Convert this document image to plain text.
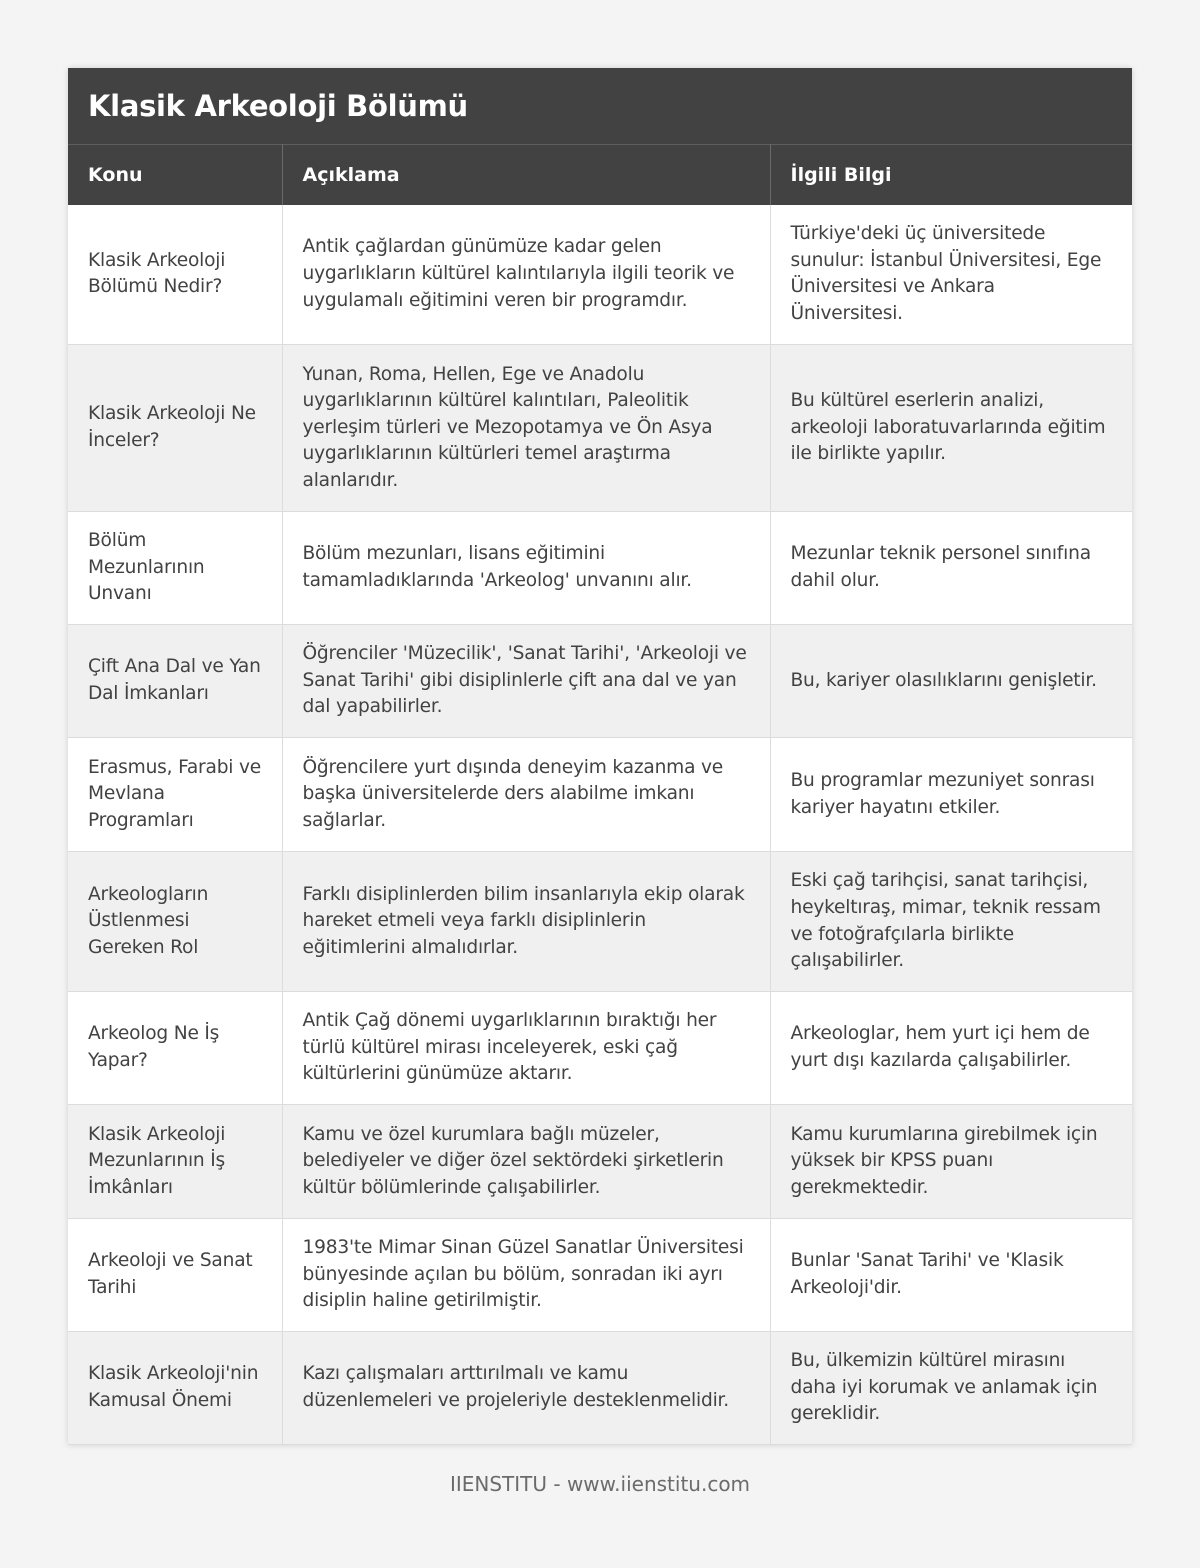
Klasik Arkeoloji Bölümü
Konu	Açıklama	İlgili Bilgi
Klasik Arkeoloji Bölümü Nedir?	Antik çağlardan günümüze kadar gelen uygarlıkların kültürel kalıntılarıyla ilgili teorik ve uygulamalı eğitimini veren bir programdır.	Türkiye'deki üç üniversitede sunulur: İstanbul Üniversitesi, Ege Üniversitesi ve Ankara Üniversitesi.
Klasik Arkeoloji Ne İnceler?	Yunan, Roma, Hellen, Ege ve Anadolu uygarlıklarının kültürel kalıntıları, Paleolitik yerleşim türleri ve Mezopotamya ve Ön Asya uygarlıklarının kültürleri temel araştırma alanlarıdır.	Bu kültürel eserlerin analizi, arkeoloji laboratuvarlarında eğitim ile birlikte yapılır.
Bölüm Mezunlarının Unvanı	Bölüm mezunları, lisans eğitimini tamamladıklarında 'Arkeolog' unvanını alır.	Mezunlar teknik personel sınıfına dahil olur.
Çift Ana Dal ve Yan Dal İmkanları	Öğrenciler 'Müzecilik', 'Sanat Tarihi', 'Arkeoloji ve Sanat Tarihi' gibi disiplinlerle çift ana dal ve yan dal yapabilirler.	Bu, kariyer olasılıklarını genişletir.
Erasmus, Farabi ve Mevlana Programları	Öğrencilere yurt dışında deneyim kazanma ve başka üniversitelerde ders alabilme imkanı sağlarlar.	Bu programlar mezuniyet sonrası kariyer hayatını etkiler.
Arkeologların Üstlenmesi Gereken Rol	Farklı disiplinlerden bilim insanlarıyla ekip olarak hareket etmeli veya farklı disiplinlerin eğitimlerini almalıdırlar.	Eski çağ tarihçisi, sanat tarihçisi, heykeltıraş, mimar, teknik ressam ve fotoğrafçılarla birlikte çalışabilirler.
Arkeolog Ne İş Yapar?	Antik Çağ dönemi uygarlıklarının bıraktığı her türlü kültürel mirası inceleyerek, eski çağ kültürlerini günümüze aktarır.	Arkeologlar, hem yurt içi hem de yurt dışı kazılarda çalışabilirler.
Klasik Arkeoloji Mezunlarının İş İmkânları	Kamu ve özel kurumlara bağlı müzeler, belediyeler ve diğer özel sektördeki şirketlerin kültür bölümlerinde çalışabilirler.	Kamu kurumlarına girebilmek için yüksek bir KPSS puanı gerekmektedir.
Arkeoloji ve Sanat Tarihi	1983'te Mimar Sinan Güzel Sanatlar Üniversitesi bünyesinde açılan bu bölüm, sonradan iki ayrı disiplin haline getirilmiştir.	Bunlar 'Sanat Tarihi' ve 'Klasik Arkeoloji'dir.
Klasik Arkeoloji'nin Kamusal Önemi	Kazı çalışmaları arttırılmalı ve kamu düzenlemeleri ve projeleriyle desteklenmelidir.	Bu, ülkemizin kültürel mirasını daha iyi korumak ve anlamak için gereklidir.
IIENSTITU - www.iienstitu.com
